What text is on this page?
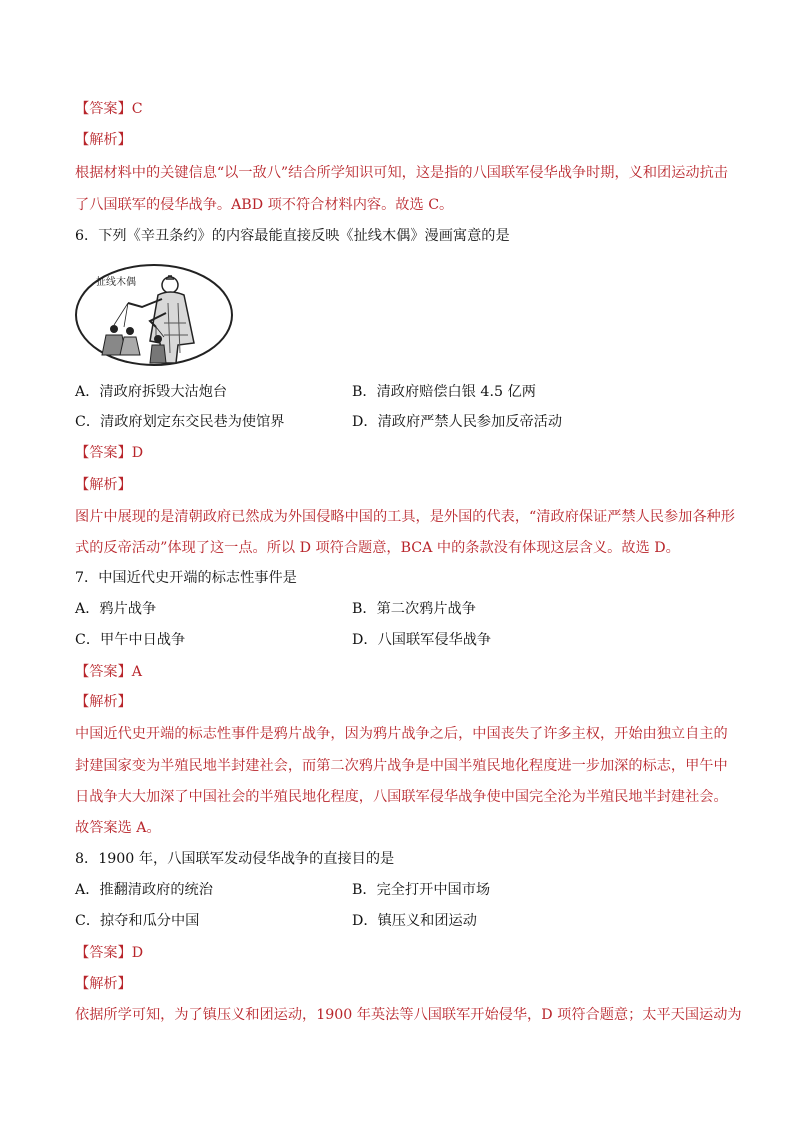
【答案】C
【解析】
根据材料中的关键信息“以一敌八”结合所学知识可知，这是指的八国联军侵华战争时期，义和团运动抗击
了八国联军的侵华战争。ABD 项不符合材料内容。故选 C。
6．下列《辛丑条约》的内容最能直接反映《扯线木偶》漫画寓意的是
扯线木偶
A．清政府拆毁大沽炮台	B．清政府赔偿白银 4.5 亿两
C．清政府划定东交民巷为使馆界	D．清政府严禁人民参加反帝活动
【答案】D
【解析】
图片中展现的是清朝政府已然成为外国侵略中国的工具，是外国的代表，“清政府保证严禁人民参加各种形
式的反帝活动”体现了这一点。所以 D 项符合题意，BCA 中的条款没有体现这层含义。故选 D。
7．中国近代史开端的标志性事件是
A．鸦片战争	B．第二次鸦片战争
C．甲午中日战争	D．八国联军侵华战争
【答案】A
【解析】
中国近代史开端的标志性事件是鸦片战争，因为鸦片战争之后，中国丧失了许多主权，开始由独立自主的
封建国家变为半殖民地半封建社会，而第二次鸦片战争是中国半殖民地化程度进一步加深的标志，甲午中
日战争大大加深了中国社会的半殖民地化程度，八国联军侵华战争使中国完全沦为半殖民地半封建社会。
故答案选 A。
8．1900 年，八国联军发动侵华战争的直接目的是
A．推翻清政府的统治	B．完全打开中国市场
C．掠夺和瓜分中国	D．镇压义和团运动
【答案】D
【解析】
依据所学可知，为了镇压义和团运动，1900 年英法等八国联军开始侵华，D 项符合题意；太平天国运动为
